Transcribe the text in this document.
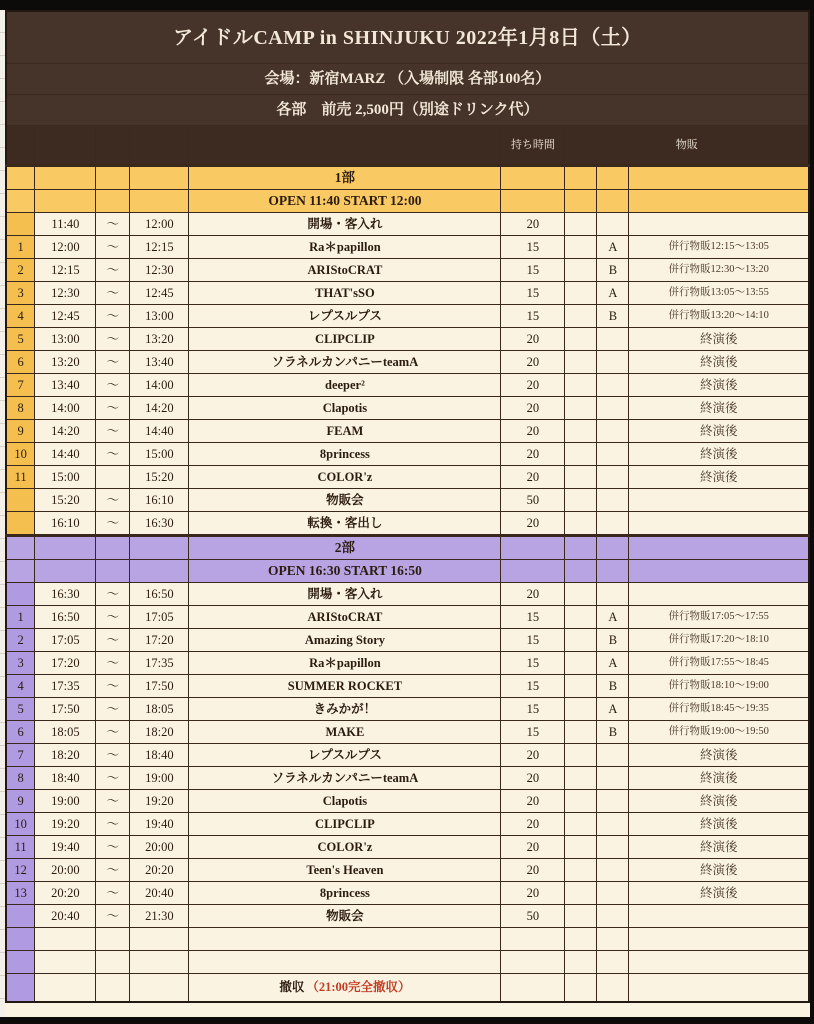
アイドルCAMP in SHINJUKU 2022年1月8日（土）								
会場：新宿MARZ （入場制限 各部100名）								
各部　前売 2,500円（別途ドリンク代）								
					持ち時間	物販		
				1部				
				OPEN 11:40 START 12:00				
	11:40	～	12:00	開場・客入れ	20			
1	12:00	～	12:15	Ra＊papillon	15		A	併行物販12:15～13:05
2	12:15	～	12:30	ARIStoCRAT	15		B	併行物販12:30～13:20
3	12:30	～	12:45	THAT'sSO	15		A	併行物販13:05～13:55
4	12:45	～	13:00	レプスルプス	15		B	併行物販13:20～14:10
5	13:00	～	13:20	CLIPCLIP	20			終演後
6	13:20	～	13:40	ソラネルカンパニーteamA	20			終演後
7	13:40	～	14:00	deeper²	20			終演後
8	14:00	～	14:20	Clapotis	20			終演後
9	14:20	～	14:40	FEAM	20			終演後
10	14:40	～	15:00	8princess	20			終演後
11	15:00		15:20	COLOR'z	20			終演後
	15:20	～	16:10	物販会	50			
	16:10	～	16:30	転換・客出し	20			
				2部				
				OPEN 16:30 START 16:50				
	16:30	～	16:50	開場・客入れ	20			
1	16:50	～	17:05	ARIStoCRAT	15		A	併行物販17:05～17:55
2	17:05	～	17:20	Amazing Story	15		B	併行物販17:20～18:10
3	17:20	～	17:35	Ra＊papillon	15		A	併行物販17:55～18:45
4	17:35	～	17:50	SUMMER ROCKET	15		B	併行物販18:10～19:00
5	17:50	～	18:05	きみかが！	15		A	併行物販18:45～19:35
6	18:05	～	18:20	MAKE	15		B	併行物販19:00～19:50
7	18:20	～	18:40	レプスルプス	20			終演後
8	18:40	～	19:00	ソラネルカンパニーteamA	20			終演後
9	19:00	～	19:20	Clapotis	20			終演後
10	19:20	～	19:40	CLIPCLIP	20			終演後
11	19:40	～	20:00	COLOR'z	20			終演後
12	20:00	～	20:20	Teen's Heaven	20			終演後
13	20:20	～	20:40	8princess	20			終演後
	20:40	～	21:30	物販会	50			

				撤収 （21:00完全撤収）				
